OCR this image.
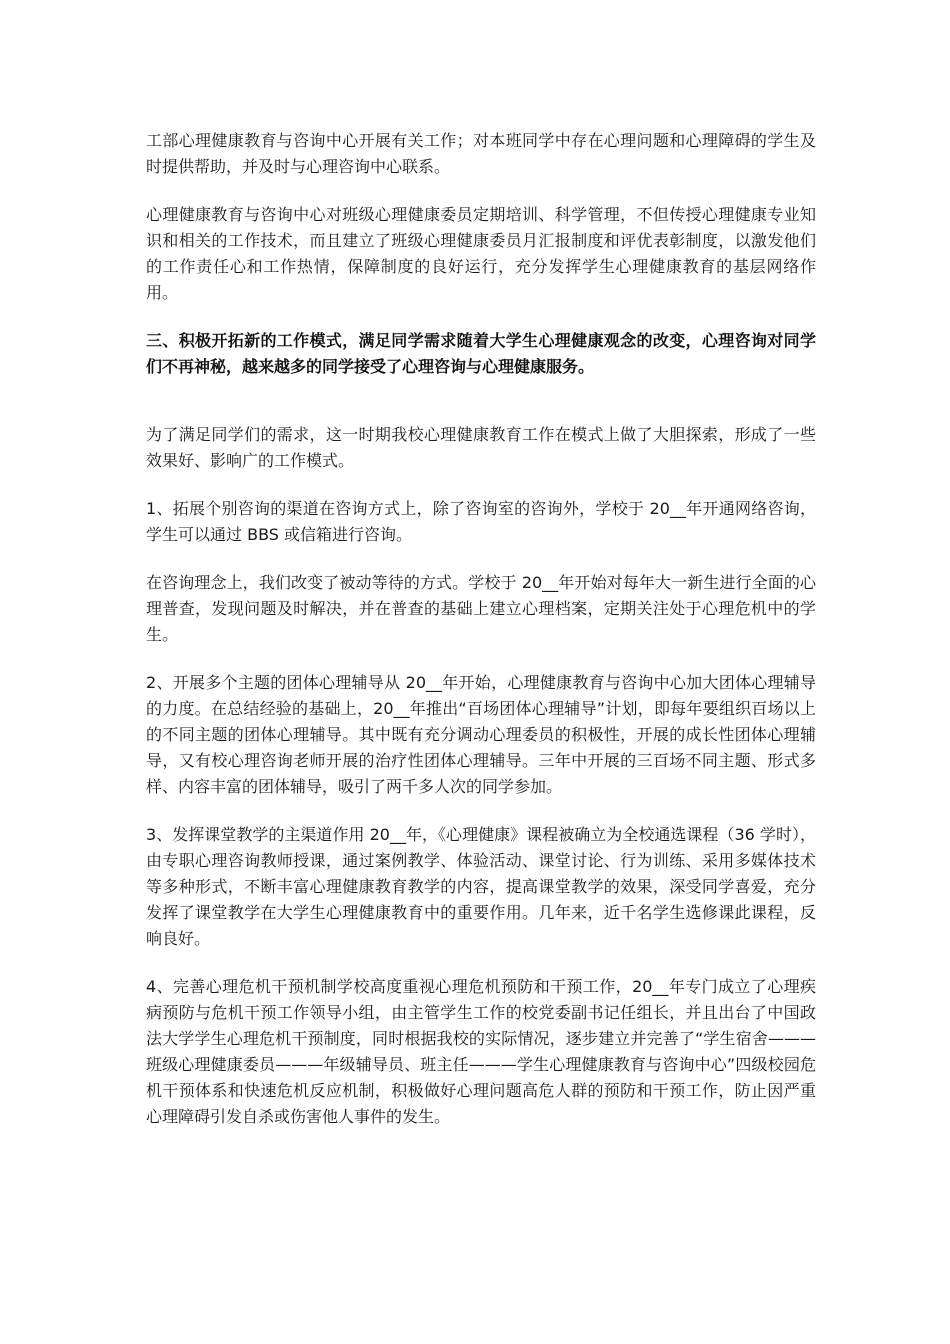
工部心理健康教育与咨询中心开展有关工作；对本班同学中存在心理问题和心理障碍的学生及时提供帮助，并及时与心理咨询中心联系。

心理健康教育与咨询中心对班级心理健康委员定期培训、科学管理，不但传授心理健康专业知识和相关的工作技术，而且建立了班级心理健康委员月汇报制度和评优表彰制度，以激发他们的工作责任心和工作热情，保障制度的良好运行，充分发挥学生心理健康教育的基层网络作用。

三、积极开拓新的工作模式，满足同学需求随着大学生心理健康观念的改变，心理咨询对同学们不再神秘，越来越多的同学接受了心理咨询与心理健康服务。

为了满足同学们的需求，这一时期我校心理健康教育工作在模式上做了大胆探索，形成了一些效果好、影响广的工作模式。

1、拓展个别咨询的渠道在咨询方式上，除了咨询室的咨询外，学校于 20__年开通网络咨询，学生可以通过 BBS 或信箱进行咨询。

在咨询理念上，我们改变了被动等待的方式。学校于 20__年开始对每年大一新生进行全面的心理普查，发现问题及时解决，并在普查的基础上建立心理档案，定期关注处于心理危机中的学生。

2、开展多个主题的团体心理辅导从 20__年开始，心理健康教育与咨询中心加大团体心理辅导的力度。在总结经验的基础上，20__年推出“百场团体心理辅导”计划，即每年要组织百场以上的不同主题的团体心理辅导。其中既有充分调动心理委员的积极性，开展的成长性团体心理辅导，又有校心理咨询老师开展的治疗性团体心理辅导。三年中开展的三百场不同主题、形式多样、内容丰富的团体辅导，吸引了两千多人次的同学参加。

3、发挥课堂教学的主渠道作用 20__年，《心理健康》课程被确立为全校通选课程（36 学时），由专职心理咨询教师授课，通过案例教学、体验活动、课堂讨论、行为训练、采用多媒体技术等多种形式，不断丰富心理健康教育教学的内容，提高课堂教学的效果，深受同学喜爱，充分发挥了课堂教学在大学生心理健康教育中的重要作用。几年来，近千名学生选修课此课程，反响良好。

4、完善心理危机干预机制学校高度重视心理危机预防和干预工作，20__年专门成立了心理疾病预防与危机干预工作领导小组，由主管学生工作的校党委副书记任组长，并且出台了中国政法大学学生心理危机干预制度，同时根据我校的实际情况，逐步建立并完善了“学生宿舍———班级心理健康委员———年级辅导员、班主任———学生心理健康教育与咨询中心”四级校园危机干预体系和快速危机反应机制，积极做好心理问题高危人群的预防和干预工作，防止因严重心理障碍引发自杀或伤害他人事件的发生。
